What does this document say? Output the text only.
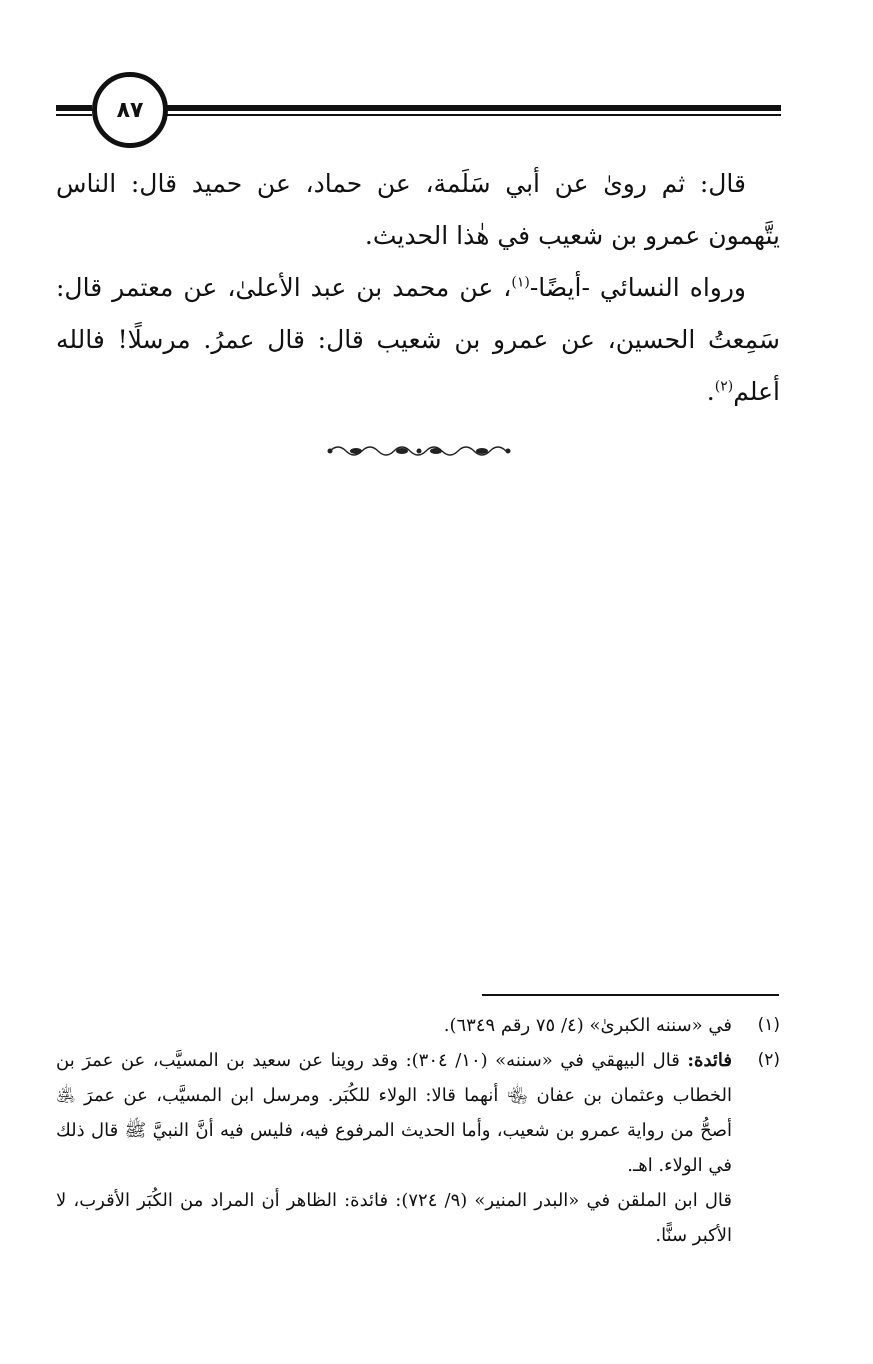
٨٧

قال: ثم روىٰ عن أبي سَلَمة، عن حماد، عن حميد قال: الناس يتَّهمون عمرو بن شعيب في هٰذا الحديث.

ورواه النسائي -أيضًا-$^{(١)}$، عن محمد بن عبد الأعلىٰ، عن معتمر قال: سَمِعتُ الحسين، عن عمرو بن شعيب قال: قال عمرُ. مرسلًا! فالله أعلم$^{(٢)}$.

(١)

في «سننه الكبرىٰ» (٤/ ٧٥ رقم ٦٣٤٩).

(٢)

فائدة: قال البيهقي في «سننه» (١٠/ ٣٠٤): وقد روينا عن سعيد بن المسيَّب، عن عمرَ بن الخطاب وعثمان بن عفان ﵄ أنهما قالا: الولاء للكُبَر. ومرسل ابن المسيَّب، عن عمرَ ﵁ أصحُّ من رواية عمرو بن شعيب، وأما الحديث المرفوع فيه، فليس فيه أنَّ النبيَّ ﷺ قال ذلك في الولاء. اهـ.

قال ابن الملقن في «البدر المنير» (٩/ ٧٢٤): فائدة: الظاهر أن المراد من الكُبَر الأقرب، لا الأكبر سنًّا.
